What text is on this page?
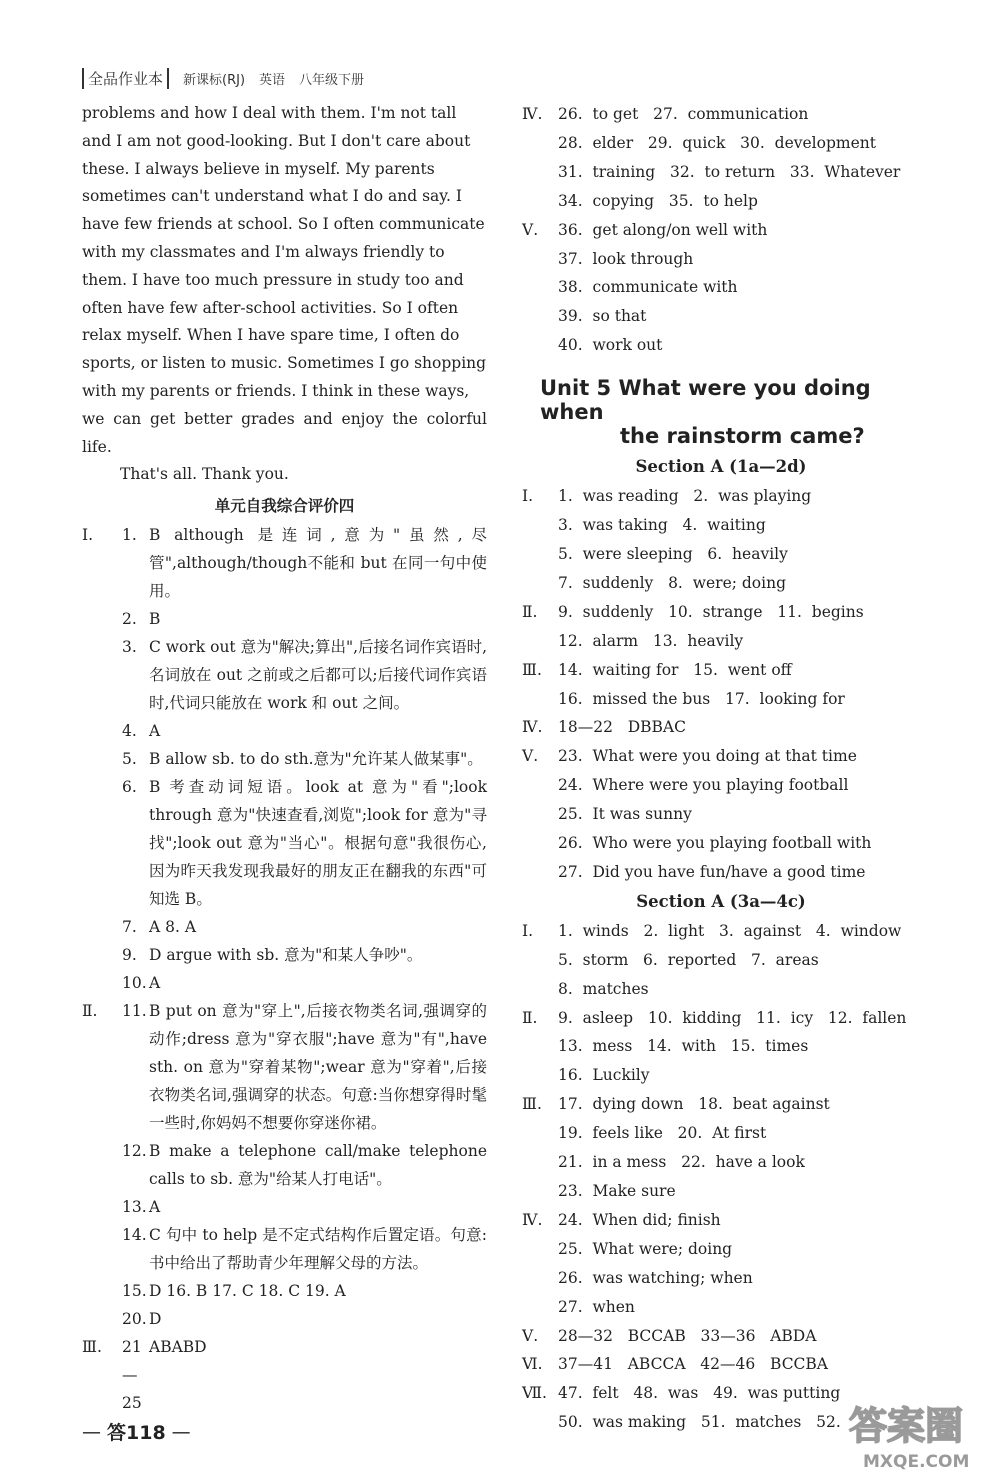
全品作业本	新课标(RJ) 英语 八年级下册

problems and how I deal with them. I'm not tall

and I am not good-looking. But I don't care about

these. I always believe in myself. My parents

sometimes can't understand what I do and say. I

have few friends at school. So I often communicate

with my classmates and I'm always friendly to

them. I have too much pressure in study too and

often have few after-school activities. So I often

relax myself. When I have spare time, I often do

sports, or listen to music. Sometimes I go shopping

with my parents or friends. I think in these ways,

we can get better grades and enjoy the colorful life.

That's all. Thank you.

单元自我综合评价四
Ⅰ.	1. B although 是连词,意为"虽然,尽管",although/though不能和 but 在同一句中使用。
2. B
3. C work out 意为"解决;算出",后接名词作宾语时,名词放在 out 之前或之后都可以;后接代词作宾语时,代词只能放在 work 和 out 之间。
4. A
5. B allow sb. to do sth.意为"允许某人做某事"。
6. B 考查动词短语。look at 意为"看";look through 意为"快速查看,浏览";look for 意为"寻找";look out 意为"当心"。根据句意"我很伤心,因为昨天我发现我最好的朋友正在翻我的东西"可知选 B。
7. A 8. A
9. D argue with sb. 意为"和某人争吵"。
10. A
Ⅱ.	11. B put on 意为"穿上",后接衣物类名词,强调穿的动作;dress 意为"穿衣服";have 意为"有",have sth. on 意为"穿着某物";wear 意为"穿着",后接衣物类名词,强调穿的状态。句意:当你想穿得时髦一些时,你妈妈不想要你穿迷你裙。
12. B make a telephone call/make telephone calls to sb. 意为"给某人打电话"。
13. A
14. C 句中 to help 是不定式结构作后置定语。句意:书中给出了帮助青少年理解父母的方法。
15. D 16. B 17. C 18. C 19. A
20. D
Ⅲ.	21—25
ABABD
Ⅳ.	26.  to get   27.  communication
28.  elder   29.  quick   30.  development
31.  training   32.  to return   33.  Whatever
34.  copying   35.  to help
Ⅴ.	36.  get along/on well with
37.  look through
38.  communicate with
39.  so that
40.  work out
Unit 5 What were you doing when
the rainstorm came?
Section A (1a—2d)
Ⅰ.	1.  was reading   2.  was playing
3.  was taking   4.  waiting
5.  were sleeping   6.  heavily
7.  suddenly   8.  were; doing
Ⅱ.	9.  suddenly   10.  strange   11.  begins
12.  alarm   13.  heavily
Ⅲ.	14.  waiting for   15.  went off
16.  missed the bus   17.  looking for
Ⅳ.	18—22   DBBAC
Ⅴ.	23.  What were you doing at that time
24.  Where were you playing football
25.  It was sunny
26.  Who were you playing football with
27.  Did you have fun/have a good time
Section A (3a—4c)
Ⅰ.	1.  winds   2.  light   3.  against   4.  window
5.  storm   6.  reported   7.  areas
8.  matches
Ⅱ.	9.  asleep   10.  kidding   11.  icy   12.  fallen
13.  mess   14.  with   15.  times
16.  Luckily
Ⅲ.	17.  dying down   18.  beat against
19.  feels like   20.  At first
21.  in a mess   22.  have a look
23.  Make sure
Ⅳ.	24.  When did; finish
25.  What were; doing
26.  was watching; when
27.  when
Ⅴ.	28—32   BCCAB   33—36   ABDA
Ⅵ. 37—41   ABCCA   42—46   BCCBA
Ⅶ. 47.  felt   48.  was   49.  was putting
50.  was making   51.  matches   52.
— 答118 —	答案圈
MXQE.COM
